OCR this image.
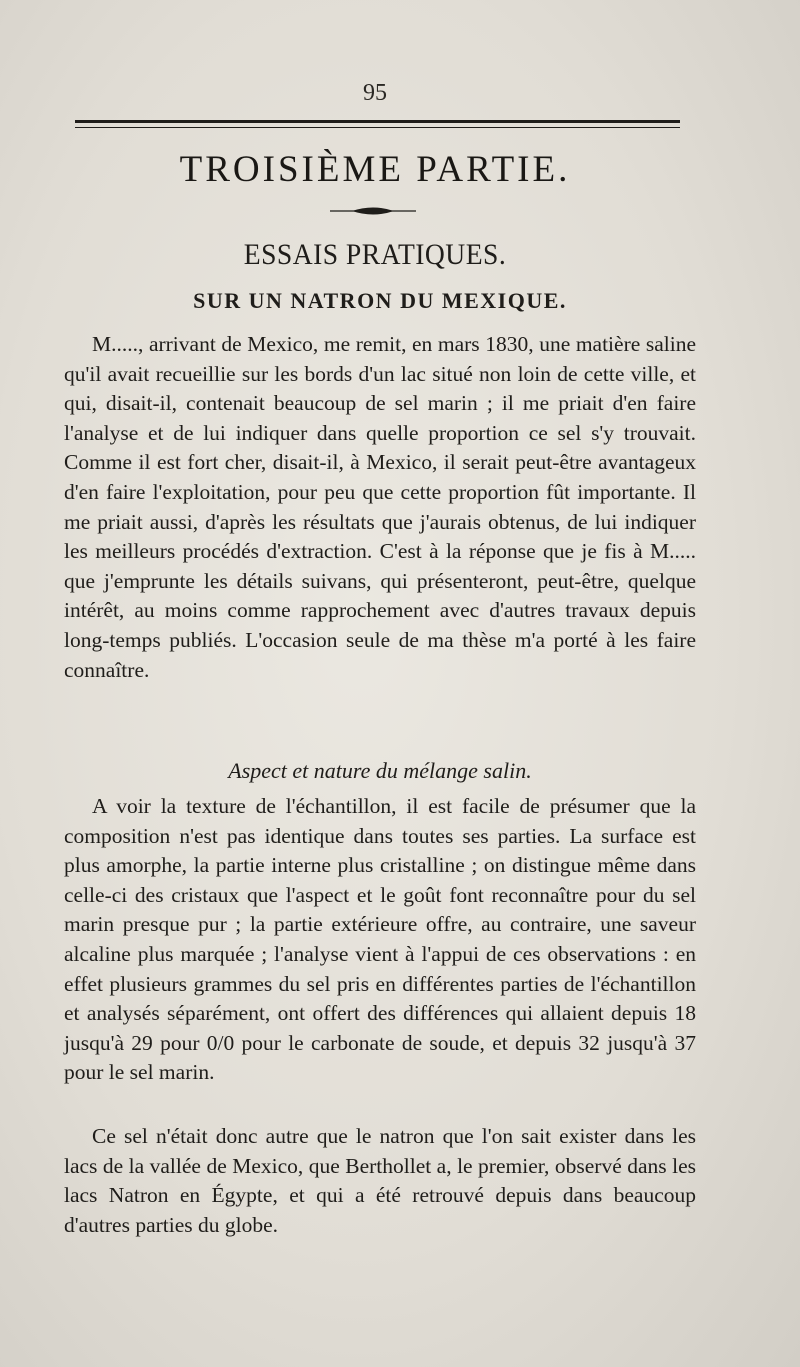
95
TROISIÈME PARTIE.
ESSAIS PRATIQUES.
SUR UN NATRON DU MEXIQUE.

M....., arrivant de Mexico, me remit, en mars 1830, une matière saline qu'il avait recueillie sur les bords d'un lac situé non loin de cette ville, et qui, disait-il, contenait beaucoup de sel marin ; il me priait d'en faire l'analyse et de lui indiquer dans quelle proportion ce sel s'y trouvait. Comme il est fort cher, disait-il, à Mexico, il serait peut-être avantageux d'en faire l'exploitation, pour peu que cette proportion fût importante. Il me priait aussi, d'après les résultats que j'aurais obtenus, de lui indiquer les meilleurs procédés d'extraction. C'est à la réponse que je fis à M..... que j'emprunte les détails suivans, qui présenteront, peut-être, quelque intérêt, au moins comme rapprochement avec d'autres travaux depuis long-temps publiés. L'occasion seule de ma thèse m'a porté à les faire connaître.

Aspect et nature du mélange salin.

A voir la texture de l'échantillon, il est facile de présumer que la composition n'est pas identique dans toutes ses parties. La surface est plus amorphe, la partie interne plus cristalline ; on distingue même dans celle-ci des cristaux que l'aspect et le goût font reconnaître pour du sel marin presque pur ; la partie extérieure offre, au contraire, une saveur alcaline plus marquée ; l'analyse vient à l'appui de ces observations : en effet plusieurs grammes du sel pris en différentes parties de l'échantillon et analysés séparément, ont offert des différences qui allaient depuis 18 jusqu'à 29 pour 0/0 pour le carbonate de soude, et depuis 32 jusqu'à 37 pour le sel marin.

Ce sel n'était donc autre que le natron que l'on sait exister dans les lacs de la vallée de Mexico, que Berthollet a, le premier, observé dans les lacs Natron en Égypte, et qui a été retrouvé depuis dans beaucoup d'autres parties du globe.
